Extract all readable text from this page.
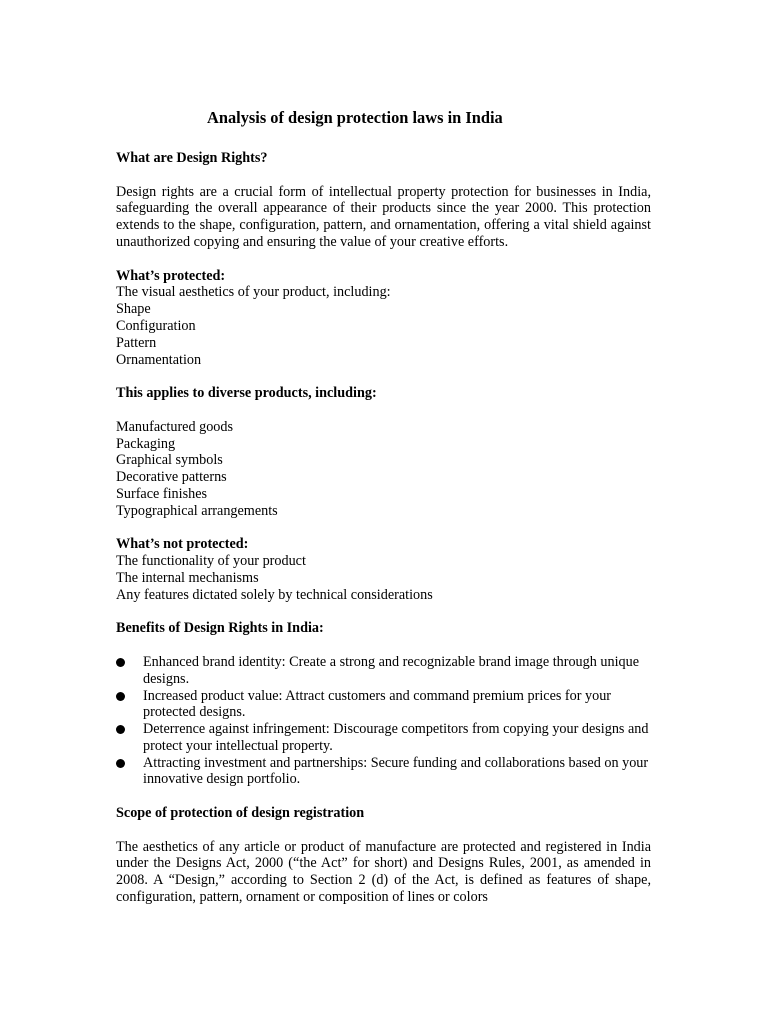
Analysis of design protection laws in India

What are Design Rights?

Design rights are a crucial form of intellectual property protection for businesses in India, safeguarding the overall appearance of their products since the year 2000. This protection extends to the shape, configuration, pattern, and ornamentation, offering a vital shield against unauthorized copying and ensuring the value of your creative efforts.

What’s protected:

The visual aesthetics of your product, including:

Shape

Configuration

Pattern

Ornamentation

This applies to diverse products, including:

Manufactured goods

Packaging

Graphical symbols

Decorative patterns

Surface finishes

Typographical arrangements

What’s not protected:

The functionality of your product

The internal mechanisms

Any features dictated solely by technical considerations

Benefits of Design Rights in India:

Enhanced brand identity: Create a strong and recognizable brand image through unique designs.
Increased product value: Attract customers and command premium prices for your protected designs.
Deterrence against infringement: Discourage competitors from copying your designs and protect your intellectual property.
Attracting investment and partnerships: Secure funding and collaborations based on your innovative design portfolio.

Scope of protection of design registration

The aesthetics of any article or product of manufacture are protected and registered in India under the Designs Act, 2000 (“the Act” for short) and Designs Rules, 2001, as amended in 2008. A “Design,” according to Section 2 (d) of the Act, is defined as features of shape, configuration, pattern, ornament or composition of lines or colors
